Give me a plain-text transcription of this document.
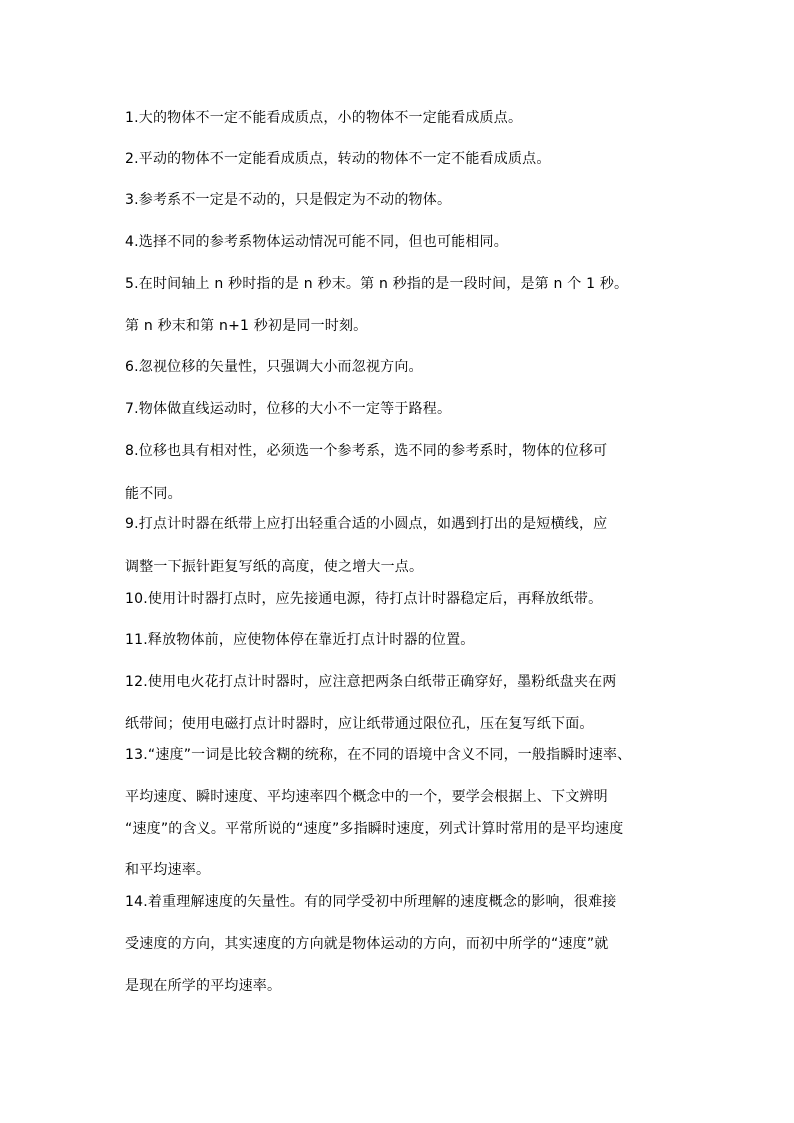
1.大的物体不一定不能看成质点，小的物体不一定能看成质点。
2.平动的物体不一定能看成质点，转动的物体不一定不能看成质点。
3.参考系不一定是不动的，只是假定为不动的物体。
4.选择不同的参考系物体运动情况可能不同，但也可能相同。
5.在时间轴上 n 秒时指的是 n 秒末。第 n 秒指的是一段时间，是第 n 个 1 秒。
第 n 秒末和第 n+1 秒初是同一时刻。
6.忽视位移的矢量性，只强调大小而忽视方向。
7.物体做直线运动时，位移的大小不一定等于路程。
8.位移也具有相对性，必须选一个参考系，选不同的参考系时，物体的位移可
能不同。
9.打点计时器在纸带上应打出轻重合适的小圆点，如遇到打出的是短横线，应
调整一下振针距复写纸的高度，使之增大一点。
10.使用计时器打点时，应先接通电源，待打点计时器稳定后，再释放纸带。
11.释放物体前，应使物体停在靠近打点计时器的位置。
12.使用电火花打点计时器时，应注意把两条白纸带正确穿好，墨粉纸盘夹在两
纸带间；使用电磁打点计时器时，应让纸带通过限位孔，压在复写纸下面。
13.“速度”一词是比较含糊的统称，在不同的语境中含义不同，一般指瞬时速率、
平均速度、瞬时速度、平均速率四个概念中的一个，要学会根据上、下文辨明
“速度”的含义。平常所说的“速度”多指瞬时速度，列式计算时常用的是平均速度
和平均速率。
14.着重理解速度的矢量性。有的同学受初中所理解的速度概念的影响，很难接
受速度的方向，其实速度的方向就是物体运动的方向，而初中所学的“速度”就
是现在所学的平均速率。
